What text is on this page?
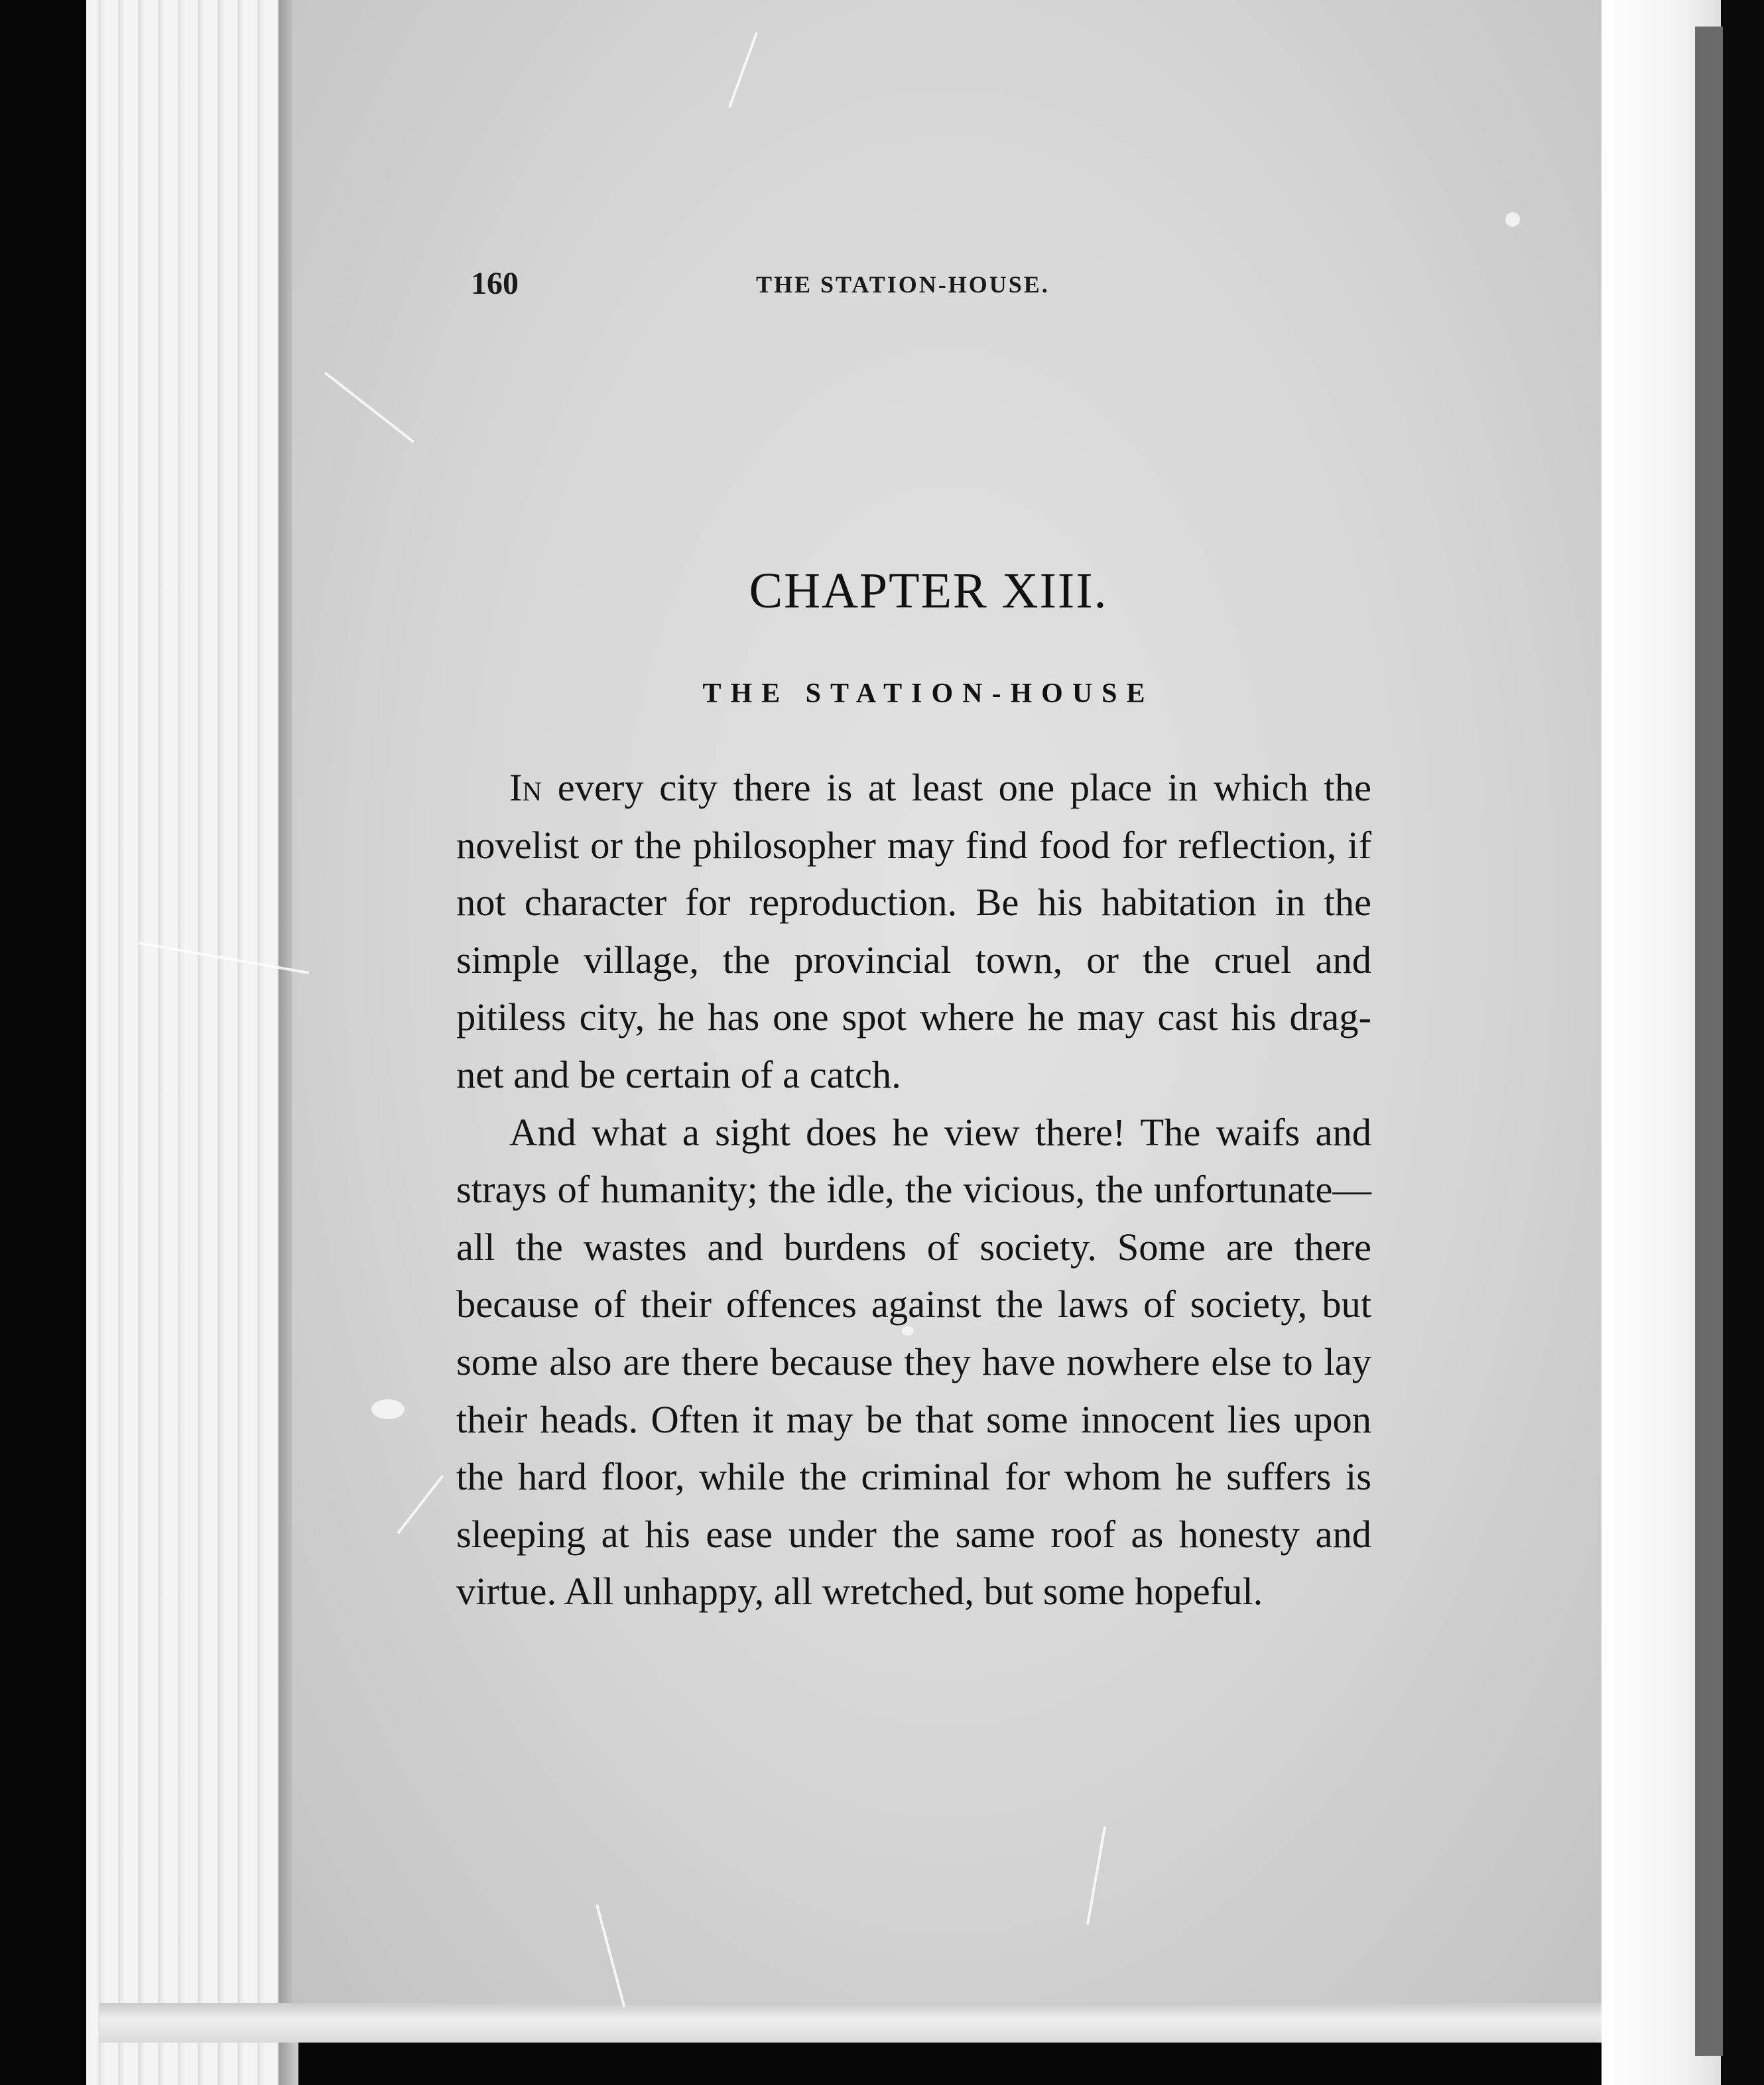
160	THE STATION-HOUSE.
CHAPTER XIII.
THE STATION-HOUSE

In every city there is at least one place in which the novelist or the philosopher may find food for reflection, if not character for reproduction. Be his habitation in the simple village, the provincial town, or the cruel and pitiless city, he has one spot where he may cast his drag-net and be certain of a catch.

And what a sight does he view there! The waifs and strays of humanity; the idle, the vicious, the unfortunate—all the wastes and burdens of society. Some are there because of their offences against the laws of society, but some also are there because they have nowhere else to lay their heads. Often it may be that some innocent lies upon the hard floor, while the criminal for whom he suffers is sleeping at his ease under the same roof as honesty and virtue. All unhappy, all wretched, but some hopeful.
